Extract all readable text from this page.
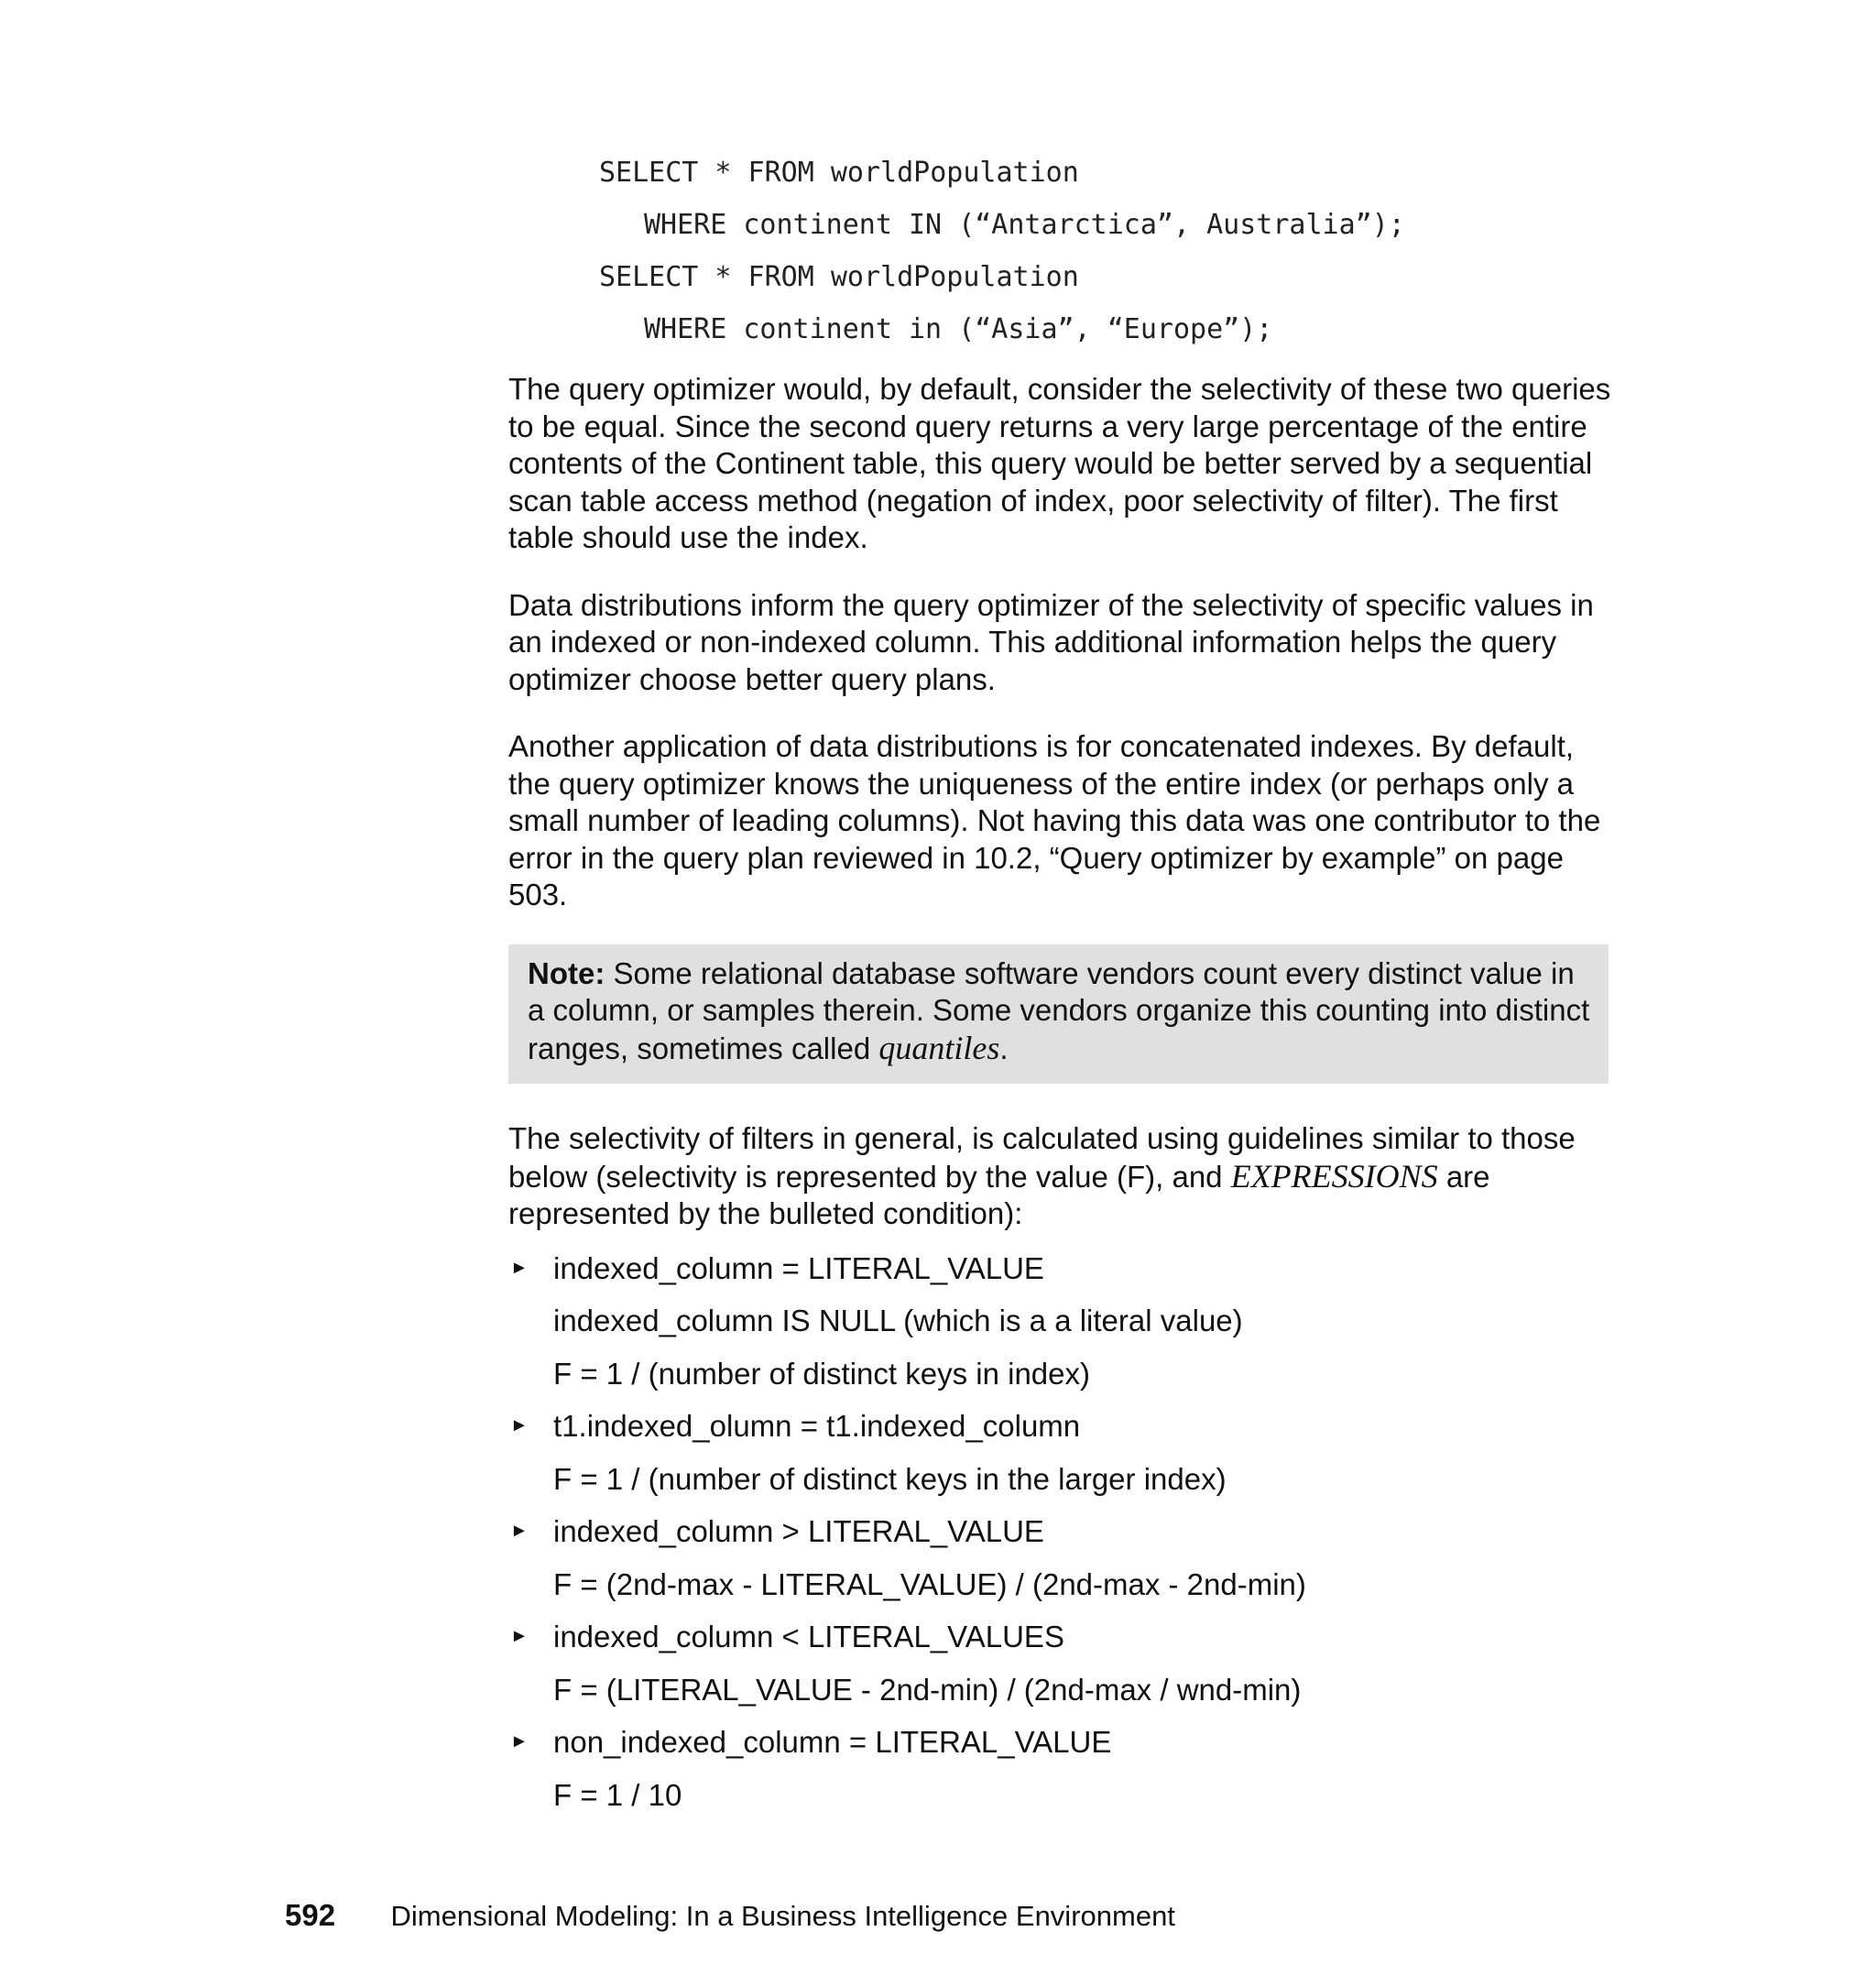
SELECT * FROM worldPopulation
WHERE continent IN (“Antarctica”, Australia”);
SELECT * FROM worldPopulation
WHERE continent in (“Asia”, “Europe”);

The query optimizer would, by default, consider the selectivity of these two queries to be equal. Since the second query returns a very large percentage of the entire contents of the Continent table, this query would be better served by a sequential scan table access method (negation of index, poor selectivity of filter). The first table should use the index.

Data distributions inform the query optimizer of the selectivity of specific values in an indexed or non-indexed column. This additional information helps the query optimizer choose better query plans.

Another application of data distributions is for concatenated indexes. By default, the query optimizer knows the uniqueness of the entire index (or perhaps only a small number of leading columns). Not having this data was one contributor to the error in the query plan reviewed in 10.2, “Query optimizer by example” on page 503.

Note: Some relational database software vendors count every distinct value in a column, or samples therein. Some vendors organize this counting into distinct ranges, sometimes called quantiles.

The selectivity of filters in general, is calculated using guidelines similar to those below (selectivity is represented by the value (F), and EXPRESSIONS are represented by the bulleted condition):

► indexed_column = LITERAL_VALUE
indexed_column IS NULL (which is a a literal value)
F = 1 / (number of distinct keys in index)
► t1.indexed_olumn = t1.indexed_column
F = 1 / (number of distinct keys in the larger index)
► indexed_column > LITERAL_VALUE
F = (2nd-max - LITERAL_VALUE) / (2nd-max - 2nd-min)
► indexed_column < LITERAL_VALUES
F = (LITERAL_VALUE - 2nd-min) / (2nd-max / wnd-min)
► non_indexed_column = LITERAL_VALUE
F = 1 / 10
592 Dimensional Modeling: In a Business Intelligence Environment
